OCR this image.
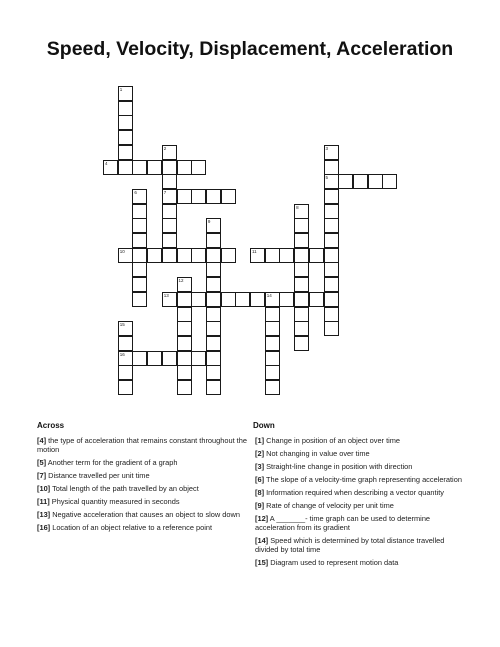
Speed, Velocity, Displacement, Acceleration
1
2
7
3
5
4
6
8
9
10	11
12
13	14
15
16
Across	Down
[4] the type of acceleration that remains constant throughout the motion
[5] Another term for the gradient of a graph
[7] Distance travelled per unit time
[10] Total length of the path travelled by an object
[11] Physical quantity measured in seconds
[13] Negative acceleration that causes an object to slow down
[16] Location of an object relative to a reference point
[1] Change in position of an object over time
[2] Not changing in value over time
[3] Straight-line change in position with direction
[6] The slope of a velocity-time graph representing acceleration
[8] Information required when describing a vector quantity
[9] Rate of change of velocity per unit time
[12] A _______- time graph can be used to determine acceleration from its gradient
[14] Speed which is determined by total distance travelled divided by total time
[15] Diagram used to represent motion data
